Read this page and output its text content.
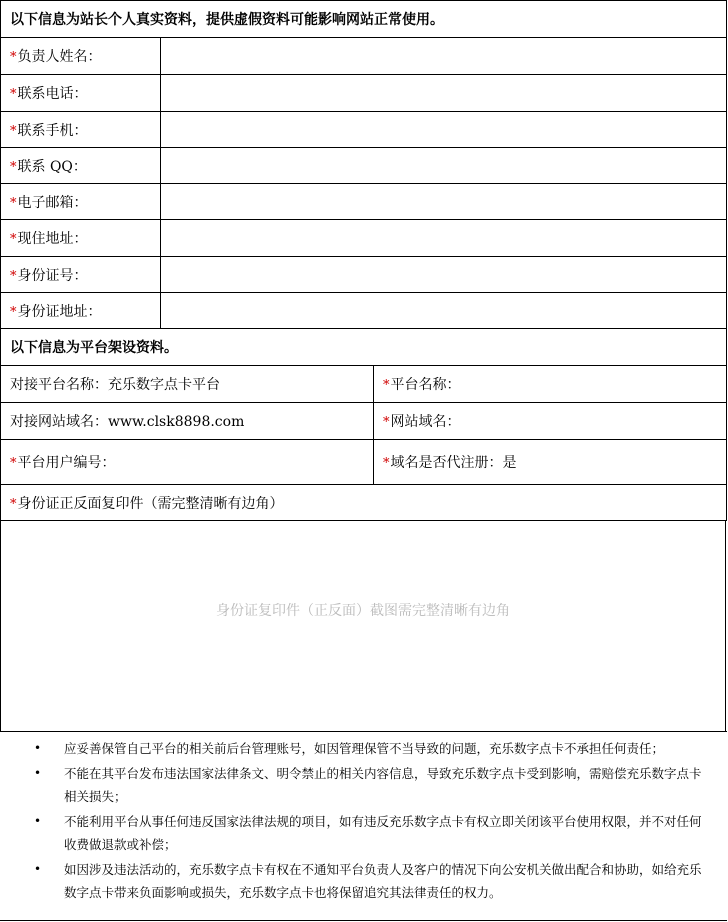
以下信息为站长个人真实资料，提供虚假资料可能影响网站正常使用。		
*负责人姓名：		
*联系电话：		
*联系手机：		
*联系 QQ：		
*电子邮箱：		
*现住地址：		
*身份证号：		
*身份证地址：		
以下信息为平台架设资料。		
对接平台名称：充乐数字点卡平台		*平台名称：
对接网站域名：www.clsk8898.com		*网站域名：
*平台用户编号：		*域名是否代注册：是
*身份证正反面复印件（需完整清晰有边角）		
身份证复印件（正反面）截图需完整清晰有边角
• 应妥善保管自己平台的相关前后台管理账号，如因管理保管不当导致的问题，充乐数字点卡不承担任何责任；
• 不能在其平台发布违法国家法律条文、明令禁止的相关内容信息，导致充乐数字点卡受到影响，需赔偿充乐数字点卡相关损失；
• 不能利用平台从事任何违反国家法律法规的项目，如有违反充乐数字点卡有权立即关闭该平台使用权限，并不对任何收费做退款或补偿；
• 如因涉及违法活动的，充乐数字点卡有权在不通知平台负责人及客户的情况下向公安机关做出配合和协助，如给充乐数字点卡带来负面影响或损失，充乐数字点卡也将保留追究其法律责任的权力。
